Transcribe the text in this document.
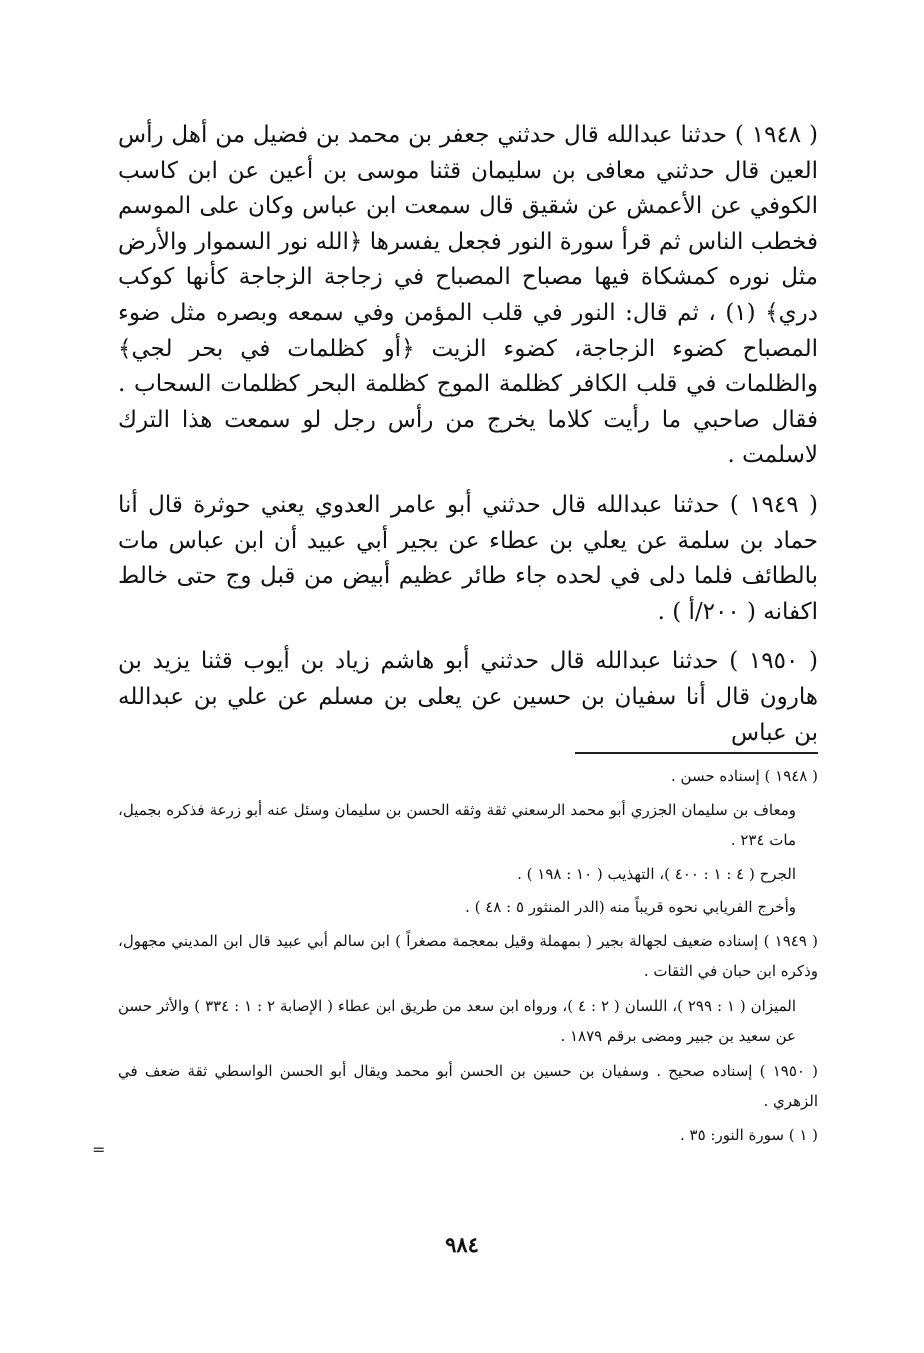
( ١٩٤٨ ) حدثنا عبدالله قال حدثني جعفر بن محمد بن فضيل من أهل رأس العين قال حدثني معافى بن سليمان قثنا موسى بن أعين عن ابن كاسب الكوفي عن الأعمش عن شقيق قال سمعت ابن عباس وكان على الموسم فخطب الناس ثم قرأ سورة النور فجعل يفسرها ﴿الله نور السموار والأرض مثل نوره كمشكاة فيها مصباح المصباح في زجاجة الزجاجة كأنها كوكب دري﴾ (١) ، ثم قال: النور في قلب المؤمن وفي سمعه وبصره مثل ضوء المصباح كضوء الزجاجة، كضوء الزيت ﴿أو كظلمات في بحر لجي﴾ والظلمات في قلب الكافر كظلمة الموج كظلمة البحر كظلمات السحاب . فقال صاحبي ما رأيت كلاما يخرج من رأس رجل لو سمعت هذا الترك لاسلمت .

( ١٩٤٩ ) حدثنا عبدالله قال حدثني أبو عامر العدوي يعني حوثرة قال أنا حماد بن سلمة عن يعلي بن عطاء عن بجير أبي عبيد أن ابن عباس مات بالطائف فلما دلى في لحده جاء طائر عظيم أبيض من قبل وج حتى خالط اكفانه ( ٢٠٠/أ ) .

( ١٩٥٠ ) حدثنا عبدالله قال حدثني أبو هاشم زياد بن أيوب قثنا يزيد بن هارون قال أنا سفيان بن حسين عن يعلى بن مسلم عن علي بن عبدالله بن عباس

( ١٩٤٨ ) إسناده حسن .
ومعاف بن سليمان الجزري أبو محمد الرسعني ثقة وثقه الحسن بن سليمان وسئل عنه أبو زرعة فذكره بجميل، مات ٢٣٤ .
الجرح ( ٤ : ١ : ٤٠٠ )، التهذيب ( ١٠ : ١٩٨ ) .
وأخرج الفريابي نحوه قريباً منه (الدر المنثور ٥ : ٤٨ ) .
( ١٩٤٩ ) إسناده ضعيف لجهالة بجير ( بمهملة وقيل بمعجمة مصغراً ) ابن سالم أبي عبيد قال ابن المديني مجهول، وذكره ابن حبان في الثقات .
الميزان ( ١ : ٢٩٩ )، اللسان ( ٢ : ٤ )، ورواه ابن سعد من طريق ابن عطاء ( الإصابة ٢ : ١ : ٣٣٤ ) والأثر حسن عن سعيد بن جبير ومضى برقم ١٨٧٩ .
( ١٩٥٠ ) إسناده صحيح . وسفيان بن حسين بن الحسن أبو محمد ويقال أبو الحسن الواسطي ثقة ضعف في الزهري .
( ١ ) سورة النور: ٣٥ .
=
٩٨٤
